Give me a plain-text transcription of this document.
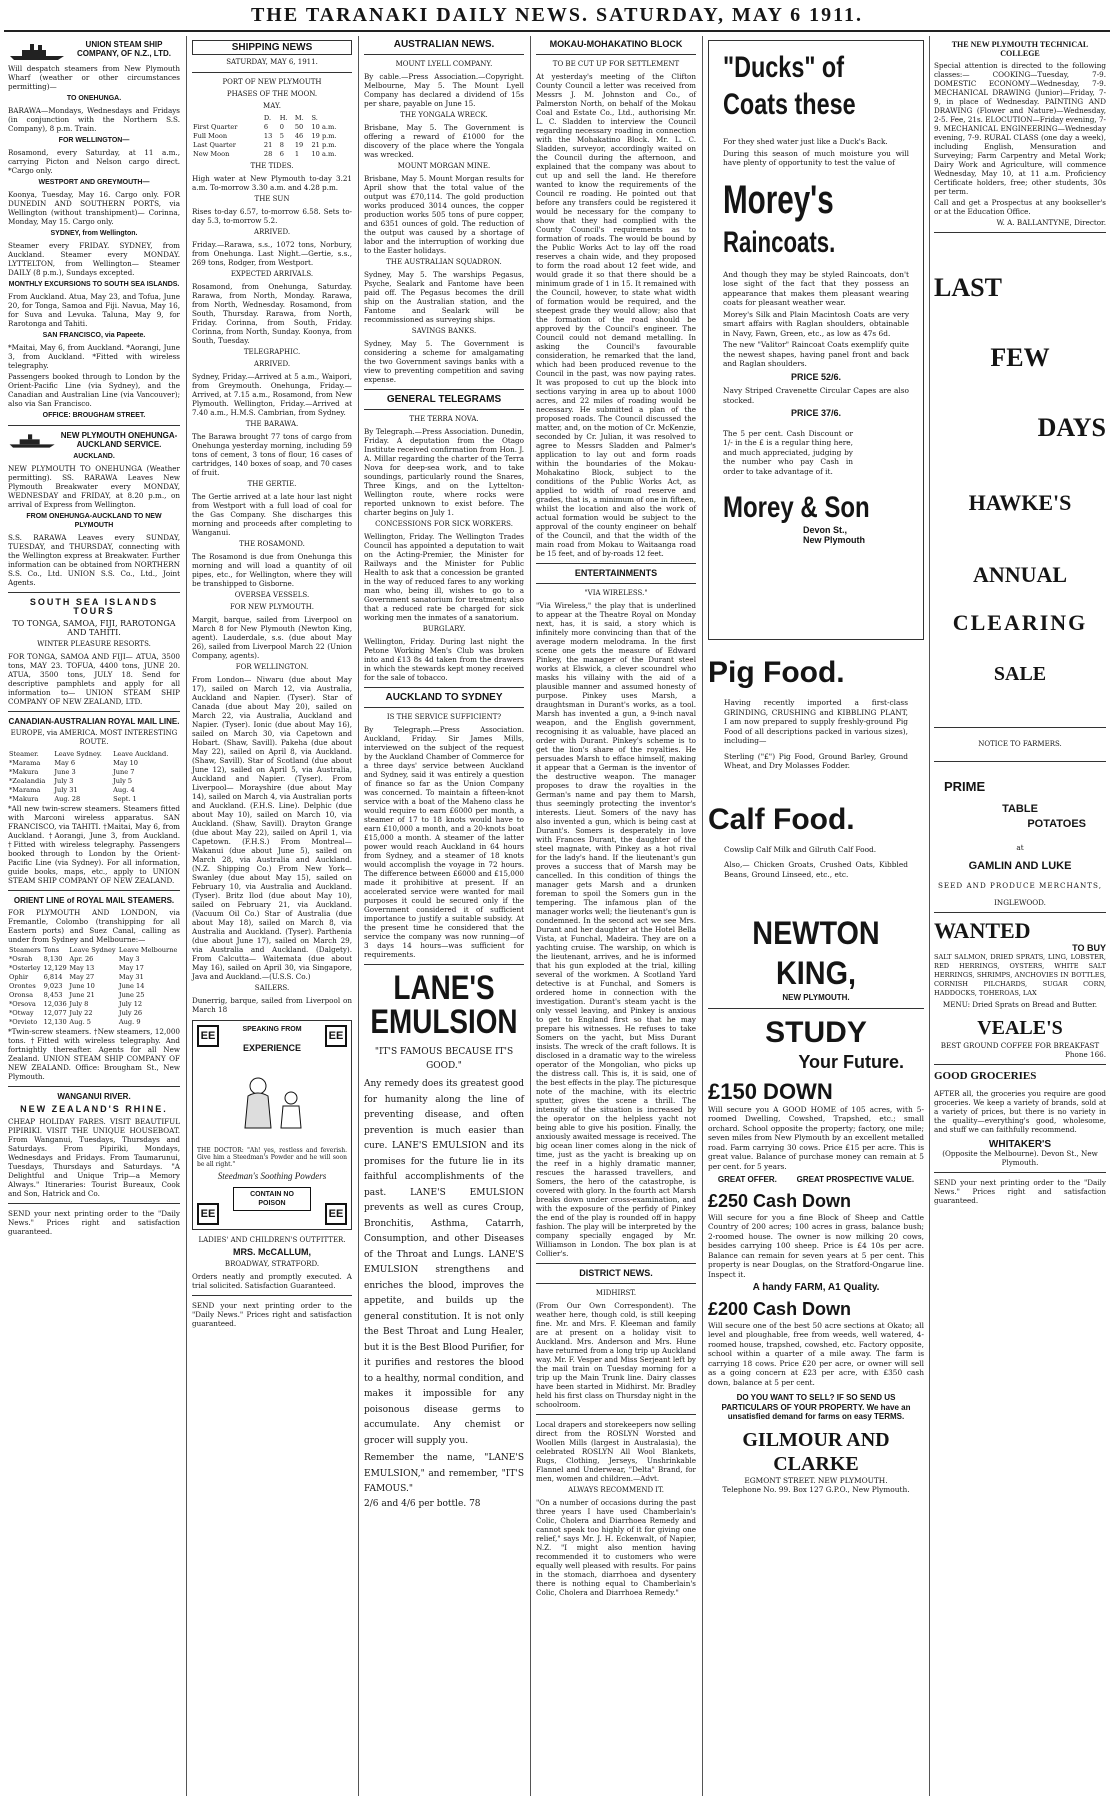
THE TARANAKI DAILY NEWS. SATURDAY, MAY 6 1911.
UNION STEAM SHIP COMPANY, OF N.Z., LTD.

Will despatch steamers from New Plymouth Wharf (weather or other circumstances permitting)—

TO ONEHUNGA.

BARAWA—Mondays, Wednesdays and Fridays (in conjunction with the Northern S.S. Company), 8 p.m. Train.

FOR WELLINGTON—

Rosamond, every Saturday, at 11 a.m., carrying Picton and Nelson cargo direct. *Cargo only.

WESTPORT AND GREYMOUTH—

Koonya, Tuesday, May 16. Cargo only. FOR DUNEDIN AND SOUTHERN PORTS, via Wellington (without transhipment)— Corinna, Monday, May 15. Cargo only.

SYDNEY, from Wellington.

Steamer every FRIDAY. SYDNEY, from Auckland. Steamer every MONDAY. LYTTELTON, from Wellington— Steamer DAILY (8 p.m.), Sundays excepted.

MONTHLY EXCURSIONS TO SOUTH SEA ISLANDS.

From Auckland. Atua, May 23, and Tofua, June 20, for Tonga, Samoa and Fiji. Navua, May 16, for Suva and Levuka. Taluna, May 9, for Rarotonga and Tahiti.

SAN FRANCISCO, via Papeete.

*Maitai, May 6, from Auckland. *Aorangi, June 3, from Auckland. *Fitted with wireless telegraphy.

Passengers booked through to London by the Orient-Pacific Line (via Sydney), and the Canadian and Australian Line (via Vancouver); also via San Francisco.

OFFICE: BROUGHAM STREET.
NEW PLYMOUTH ONEHUNGA-AUCKLAND SERVICE.
AUCKLAND.

NEW PLYMOUTH TO ONEHUNGA (Weather permitting). SS. RARAWA Leaves New Plymouth Breakwater every MONDAY, WEDNESDAY and FRIDAY, at 8.20 p.m., on arrival of Express from Wellington.

FROM ONEHUNGA-AUCKLAND TO NEW PLYMOUTH

S.S. RARAWA Leaves every SUNDAY, TUESDAY, and THURSDAY, connecting with the Wellington express at Breakwater. Further information can be obtained from NORTHERN S.S. Co., Ltd. UNION S.S. Co., Ltd., Joint Agents.

SOUTH SEA ISLANDS TOURS
TO TONGA, SAMOA, FIJI, RAROTONGA AND TAHITI.
WINTER PLEASURE RESORTS.

FOR TONGA, SAMOA AND FIJI— ATUA, 3500 tons, MAY 23. TOFUA, 4400 tons, JUNE 20. ATUA, 3500 tons, JULY 18. Send for descriptive pamphlets and apply for all information to— UNION STEAM SHIP COMPANY OF NEW ZEALAND, LTD.

CANADIAN-AUSTRALIAN ROYAL MAIL LINE.
EUROPE, via AMERICA. MOST INTERESTING ROUTE.
Steamer.	Leave Sydney.	Leave Auckland.
*Marama	May 6	May 10
*Makura	June 3	June 7
*Zealandia	July 3	July 5
*Marama	July 31	Aug. 4
*Makura	Aug. 28	Sept. 1

*All new twin-screw steamers. Steamers fitted with Marconi wireless apparatus. SAN FRANCISCO, via TAHITI. †Maitai, May 6, from Auckland. †Aorangi, June 3, from Auckland. †Fitted with wireless telegraphy. Passengers booked through to London by the Orient-Pacific Line (via Sydney). For all information, guide books, maps, etc., apply to UNION STEAM SHIP COMPANY OF NEW ZEALAND.

ORIENT LINE of ROYAL MAIL STEAMERS.

FOR PLYMOUTH AND LONDON, via Fremantle, Colombo (transhipping for all Eastern ports) and Suez Canal, calling as under from Sydney and Melbourne:—

Steamers	Tons	Leave Sydney	Leave Melbourne
*Osrah	8,130	Apr. 26	May 3
*Osterley	12,129	May 13	May 17
Ophir	6,814	May 27	May 31
Orontes	9,023	June 10	June 14
Oronsa	8,453	June 21	June 25
*Orsova	12,036	July 8	July 12
*Otway	12,077	July 22	July 26
*Orvieto	12,130	Aug. 5	Aug. 9

*Twin-screw steamers. †New steamers, 12,000 tons. †Fitted with wireless telegraphy. And fortnightly thereafter. Agents for all New Zealand. UNION STEAM SHIP COMPANY OF NEW ZEALAND. Office: Brougham St., New Plymouth.

WANGANUI RIVER.
NEW ZEALAND'S RHINE.

CHEAP HOLIDAY FARES. VISIT BEAUTIFUL PIPIRIKI. VISIT THE UNIQUE HOUSEBOAT. From Wanganui, Tuesdays, Thursdays and Saturdays. From Pipiriki, Mondays, Wednesdays and Fridays. From Taumarunui, Tuesdays, Thursdays and Saturdays. "A Delightful and Unique Trip—a Memory Always." Itineraries: Tourist Bureaux, Cook and Son, Hatrick and Co.

SEND your next printing order to the "Daily News." Prices right and satisfaction guaranteed.

SHIPPING NEWS
SATURDAY, MAY 6, 1911.
PORT OF NEW PLYMOUTH
PHASES OF THE MOON.
MAY.
	D.	H.	M.	S.
First Quarter	6	0	50	10 a.m.
Full Moon	13	5	46	19 p.m.
Last Quarter	21	8	19	21 p.m.
New Moon	28	6	1	10 a.m.
THE TIDES.

High water at New Plymouth to-day 3.21 a.m. To-morrow 3.30 a.m. and 4.28 p.m.

THE SUN

Rises to-day 6.57, to-morrow 6.58. Sets to-day 5.3, to-morrow 5.2.

ARRIVED.

Friday.—Rarawa, s.s., 1072 tons, Norbury, from Onehunga. Last Night.—Gertie, s.s., 269 tons, Rodger, from Westport.

EXPECTED ARRIVALS.

Rosamond, from Onehunga, Saturday. Rarawa, from North, Monday. Rarawa, from North, Wednesday. Rosamond, from South, Thursday. Rarawa, from North, Friday. Corinna, from South, Friday. Corinna, from North, Sunday. Koonya, from South, Tuesday.

TELEGRAPHIC.
ARRIVED.

Sydney, Friday.—Arrived at 5 a.m., Waipori, from Greymouth. Onehunga, Friday.—Arrived, at 7.15 a.m., Rosamond, from New Plymouth. Wellington, Friday.—Arrived at 7.40 a.m., H.M.S. Cambrian, from Sydney.

THE BARAWA.

The Barawa brought 77 tons of cargo from Onehunga yesterday morning, including 59 tons of cement, 3 tons of flour, 16 cases of cartridges, 140 boxes of soap, and 70 cases of fruit.

THE GERTIE.

The Gertie arrived at a late hour last night from Westport with a full load of coal for the Gas Company. She discharges this morning and proceeds after completing to Wanganui.

THE ROSAMOND.

The Rosamond is due from Onehunga this morning and will load a quantity of oil pipes, etc., for Wellington, where they will be transhipped to Gisborne.

OVERSEA VESSELS.
FOR NEW PLYMOUTH.

Margit, barque, sailed from Liverpool on March 8 for New Plymouth (Newton King, agent). Lauderdale, s.s. (due about May 26), sailed from Liverpool March 22 (Union Company, agents).

FOR WELLINGTON.

From London— Niwaru (due about May 17), sailed on March 12, via Australia, Auckland and Napier. (Tyser). Star of Canada (due about May 20), sailed on March 22, via Australia, Auckland and Napier. (Tyser). Ionic (due about May 16), sailed on March 30, via Capetown and Hobart. (Shaw, Savill). Pakeha (due about May 22), sailed on April 8, via Auckland. (Shaw, Savill). Star of Scotland (due about June 12), sailed on April 5, via Australia, Auckland and Napier. (Tyser). From Liverpool— Morayshire (due about May 14), sailed on March 4, via Australian ports and Auckland. (F.H.S. Line). Delphic (due about May 10), sailed on March 10, via Auckland. (Shaw, Savill). Drayton Grange (due about May 22), sailed on April 1, via Capetown. (F.H.S.) From Montreal— Wakanui (due about June 5), sailed on March 28, via Australia and Auckland. (N.Z. Shipping Co.) From New York— Swanley (due about May 15), sailed on February 10, via Australia and Auckland. (Tyser). Britz Ilod (due about May 10), sailed on February 21, via Auckland. (Vacuum Oil Co.) Star of Australia (due about May 18), sailed on March 8, via Australia and Auckland. (Tyser). Parthenia (due about June 17), sailed on March 29, via Australia and Auckland. (Dalgety). From Calcutta— Waitemata (due about May 16), sailed on April 30, via Singapore, Java and Auckland.—(U.S.S. Co.)

SAILERS.

Dunerrig, barque, sailed from Liverpool on March 18

EE	EE
SPEAKING FROM
EXPERIENCE

THE DOCTOR: "Ah! yes, restless and feverish. Give him a Steedman's Powder and he will soon be all right."

Steedman's Soothing Powders
CONTAIN NO POISON
EE	EE
LADIES' AND CHILDREN'S OUTFITTER.
MRS. McCALLUM,
BROADWAY, STRATFORD.

Orders neatly and promptly executed. A trial solicited. Satisfaction Guaranteed.

SEND your next printing order to the "Daily News." Prices right and satisfaction guaranteed.

AUSTRALIAN NEWS.
MOUNT LYELL COMPANY.

By cable.—Press Association.—Copyright. Melbourne, May 5. The Mount Lyell Company has declared a dividend of 15s per share, payable on June 15.

THE YONGALA WRECK.

Brisbane, May 5. The Government is offering a reward of £1000 for the discovery of the place where the Yongala was wrecked.

MOUNT MORGAN MINE.

Brisbane, May 5. Mount Morgan results for April show that the total value of the output was £70,114. The gold production works produced 3014 ounces, the copper production works 505 tons of pure copper, and 6351 ounces of gold. The reduction of the output was caused by a shortage of labor and the interruption of working due to the Easter holidays.

THE AUSTRALIAN SQUADRON.

Sydney, May 5. The warships Pegasus, Psyche, Sealark and Fantome have been paid off. The Pegasus becomes the drill ship on the Australian station, and the Fantome and Sealark will be recommissioned as surveying ships.

SAVINGS BANKS.

Sydney, May 5. The Government is considering a scheme for amalgamating the two Government savings banks with a view to preventing competition and saving expense.

GENERAL TELEGRAMS
THE TERRA NOVA.

By Telegraph.—Press Association. Dunedin, Friday. A deputation from the Otago Institute received confirmation from Hon. J. A. Millar regarding the charter of the Terra Nova for deep-sea work, and to take soundings, particularly round the Snares, Three Kings, and on the Lyttelton-Wellington route, where rocks were reported unknown to exist before. The charter begins on July 1.

CONCESSIONS FOR SICK WORKERS.

Wellington, Friday. The Wellington Trades Council has appointed a deputation to wait on the Acting-Premier, the Minister for Railways and the Minister for Public Health to ask that a concession be granted in the way of reduced fares to any working man who, being ill, wishes to go to a Government sanatorium for treatment; also that a reduced rate be charged for sick working men the inmates of a sanatorium.

BURGLARY.

Wellington, Friday. During last night the Petone Working Men's Club was broken into and £13 8s 4d taken from the drawers in which the stewards kept money received for the sale of tobacco.

AUCKLAND TO SYDNEY
IS THE SERVICE SUFFICIENT?

By Telegraph.—Press Association. Auckland, Friday. Sir James Mills, interviewed on the subject of the request by the Auckland Chamber of Commerce for a three days' service between Auckland and Sydney, said it was entirely a question of finance so far as the Union Company was concerned. To maintain a fifteen-knot service with a boat of the Maheno class he would require to earn £6000 per month, a steamer of 17 to 18 knots would have to earn £10,000 a month, and a 20-knots boat £15,000 a month. A steamer of the latter power would reach Auckland in 64 hours from Sydney, and a steamer of 18 knots would accomplish the voyage in 72 hours. The difference between £6000 and £15,000 made it prohibitive at present. If an accelerated service were wanted for mail purposes it could be secured only if the Government considered it of sufficient importance to justify a suitable subsidy. At the present time he considered that the service the company was now running—of 3 days 14 hours—was sufficient for requirements.

LANE'S EMULSION
"IT'S FAMOUS BECAUSE IT'S GOOD."

Any remedy does its greatest good for humanity along the line of preventing disease, and often prevention is much easier than cure. LANE'S EMULSION and its promises for the future lie in its faithful accomplishments of the past. LANE'S EMULSION prevents as well as cures Croup, Bronchitis, Asthma, Catarrh, Consumption, and other Diseases of the Throat and Lungs. LANE'S EMULSION strengthens and enriches the blood, improves the appetite, and builds up the general constitution. It is not only the Best Throat and Lung Healer, but it is the Best Blood Purifier, for it purifies and restores the blood to a healthy, normal condition, and makes it impossible for any poisonous disease germs to accumulate. Any chemist or grocer will supply you.

Remember the name, "LANE'S EMULSION," and remember, "IT'S FAMOUS."

2/6 and 4/6 per bottle. 78
MOKAU-MOHAKATINO BLOCK
TO BE CUT UP FOR SETTLEMENT

At yesterday's meeting of the Clifton County Council a letter was received from Messrs J. M. Johnston and Co., of Palmerston North, on behalf of the Mokau Coal and Estate Co., Ltd., authorising Mr. L. C. Sladden to interview the Council regarding necessary roading in connection with the Mohakatino Block. Mr. L. C. Sladden, surveyor, accordingly waited on the Council during the afternoon, and explained that the company was about to cut up and sell the land. He therefore wanted to know the requirements of the Council re roading. He pointed out that before any transfers could be registered it would be necessary for the company to show that they had complied with the County Council's requirements as to formation of roads. The would be bound by the Public Works Act to lay off the road reserves a chain wide, and they proposed to form the road about 12 feet wide, and would grade it so that there should be a minimum grade of 1 in 15. It remained with the Council, however, to state what width of formation would be required, and the steepest grade they would allow; also that the formation of the road should be approved by the Council's engineer. The Council could not demand metalling. In asking the Council's favourable consideration, he remarked that the land, which had been produced revenue to the Council in the past, was now paying rates. It was proposed to cut up the block into sections varying in area up to about 1000 acres, and 22 miles of roading would be necessary. He submitted a plan of the proposed roads. The Council discussed the matter, and, on the motion of Cr. McKenzie, seconded by Cr. Julian, it was resolved to agree to Messrs Sladden and Palmer's application to lay out and form roads within the boundaries of the Mokau-Mohakatino Block, subject to the conditions of the Public Works Act, as applied to width of road reserve and grades, that is, a minimum of one in fifteen, whilst the location and also the work of actual formation would be subject to the approval of the county engineer on behalf of the Council, and that the width of the main road from Mokau to Waitaanga road be 15 feet, and of by-roads 12 feet.

ENTERTAINMENTS
"VIA WIRELESS."

"Via Wireless," the play that is underlined to appear at the Theatre Royal on Monday next, has, it is said, a story which is infinitely more convincing than that of the average modern melodrama. In the first scene one gets the measure of Edward Pinkey, the manager of the Durant steel works at Elswick, a clever scoundrel who masks his villainy with the aid of a plausible manner and assumed honesty of purpose. Pinkey uses Marsh, a draughtsman in Durant's works, as a tool. Marsh has invented a gun, a 9-inch naval weapon, and the English government, recognising it as valuable, have placed an order with Durant. Pinkey's scheme is to get the lion's share of the royalties. He persuades Marsh to efface himself, making it appear that a German is the inventor of the destructive weapon. The manager proposes to draw the royalties in the German's name and pay them to Marsh, thus seemingly protecting the inventor's interests. Lieut. Somers of the navy has also invented a gun, which is being cast at Durant's. Somers is desperately in love with Frances Durant, the daughter of the steel magnate, with Pinkey as a hot rival for the lady's hand. If the lieutenant's gun proves a success that of Marsh may be cancelled. In this condition of things the manager gets Marsh and a drunken foreman to spoil the Somers gun in the tempering. The infamous plan of the manager works well; the lieutenant's gun is condemned. In the second act we see Mrs. Durant and her daughter at the Hotel Bella Vista, at Funchal, Madeira. They are on a yachting cruise. The warship, on which is the lieutenant, arrives, and he is informed that his gun exploded at the trial, killing several of the workmen. A Scotland Yard detective is at Funchal, and Somers is ordered home in connection with the investigation. Durant's steam yacht is the only vessel leaving, and Pinkey is anxious to get to England first so that he may prepare his witnesses. He refuses to take Somers on the yacht, but Miss Durant insists. The wreck of the craft follows. It is disclosed in a dramatic way to the wireless operator of the Mongolian, who picks up the distress call. This is, it is said, one of the best effects in the play. The picturesque note of the machine, with its electric sputter, gives the scene a thrill. The intensity of the situation is increased by the operator on the helpless yacht not being able to give his position. Finally, the anxiously awaited message is received. The big ocean liner comes along in the nick of time, just as the yacht is breaking up on the reef in a highly dramatic manner, rescues the harassed travellers, and Somers, the hero of the catastrophe, is covered with glory. In the fourth act Marsh breaks down under cross-examination, and with the exposure of the perfidy of Pinkey the end of the play is rounded off in happy fashion. The play will be interpreted by the company specially engaged by Mr. Williamson in London. The box plan is at Collier's.

DISTRICT NEWS.
MIDHIRST.

(From Our Own Correspondent). The weather here, though cold, is still keeping fine. Mr. and Mrs. F. Kleeman and family are at present on a holiday visit to Auckland. Mrs. Anderson and Mrs. Hune have returned from a long trip up Auckland way. Mr. F. Vesper and Miss Serjeant left by the mail train on Tuesday morning for a trip up the Main Trunk line. Dairy classes have been started in Midhirst. Mr. Bradley held his first class on Thursday night in the schoolroom.

Local drapers and storekeepers now selling direct from the ROSLYN Worsted and Woollen Mills (largest in Australasia), the celebrated ROSLYN All Wool Blankets, Rugs, Clothing, Jerseys, Unshrinkable Flannel and Underwear, "Delta" Brand, for men, women and children.—Advt.

ALWAYS RECOMMEND IT.

"On a number of occasions during the past three years I have used Chamberlain's Colic, Cholera and Diarrhoea Remedy and cannot speak too highly of it for giving one relief," says Mr. J. H. Eckenwalt, of Napier, N.Z. "I might also mention having recommended it to customers who were equally well pleased with results. For pains in the stomach, diarrhoea and dysentery there is nothing equal to Chamberlain's Colic, Cholera and Diarrhoea Remedy."

"Ducks" of
Coats these

For they shed water just like a Duck's Back.

During this season of much moisture you will have plenty of opportunity to test the value of

Morey's
Raincoats.

And though they may be styled Raincoats, don't lose sight of the fact that they possess an appearance that makes them pleasant wearing coats for pleasant weather wear.

Morey's Silk and Plain Macintosh Coats are very smart affairs with Raglan shoulders, obtainable in Navy, Fawn, Green, etc., as low as 47s 6d.

The new "Valitor" Raincoat Coats exemplify quite the newest shapes, having panel front and back and Raglan shoulders.

PRICE 52/6.

Navy Striped Cravenette Circular Capes are also stocked.

PRICE 37/6.

The 5 per cent. Cash Discount or 1/- in the £ is a regular thing here, and much appreciated, judging by the number who pay Cash in order to take advantage of it.

Morey & Son
Devon St.,
New Plymouth
Pig Food.

Having recently imported a first-class GRINDING, CRUSHING and KIBBLING PLANT, I am now prepared to supply freshly-ground Pig Food of all descriptions packed in various sizes), including—

Sterling ("£") Pig Food, Ground Barley, Ground Wheat, and Dry Molasses Fodder.

Calf Food.

Cowslip Calf Milk and Gilruth Calf Food.

Also,— Chicken Groats, Crushed Oats, Kibbled Beans, Ground Linseed, etc., etc.

NEWTON KING,
NEW PLYMOUTH.
STUDY
Your Future.
£150 DOWN

Will secure you A GOOD HOME of 105 acres, with 5-roomed Dwelling, Cowshed, Trapshed, etc.; small orchard. School opposite the property; factory, one mile; seven miles from New Plymouth by an excellent metalled road. Farm carrying 30 cows. Price £15 per acre. This is great value. Balance of purchase money can remain at 5 per cent. for 5 years.

GREAT OFFER. GREAT PROSPECTIVE VALUE.
£250 Cash Down

Will secure for you a fine Block of Sheep and Cattle Country of 200 acres; 100 acres in grass, balance bush; 2-roomed house. The owner is now milking 20 cows, besides carrying 100 sheep. Price is £4 10s per acre. Balance can remain for seven years at 5 per cent. This property is near Douglas, on the Stratford-Ongarue line. Inspect it.

A handy FARM, A1 Quality.
£200 Cash Down

Will secure one of the best 50 acre sections at Okato; all level and ploughable, free from weeds, well watered, 4-roomed house, trapshed, cowshed, etc. Factory opposite, school within a quarter of a mile away. The farm is carrying 18 cows. Price £20 per acre, or owner will sell as a going concern at £23 per acre, with £350 cash down, balance at 5 per cent.

DO YOU WANT TO SELL? IF SO SEND US PARTICULARS OF YOUR PROPERTY. We have an unsatisfied demand for farms on easy TERMS.
GILMOUR AND CLARKE
EGMONT STREET. NEW PLYMOUTH.
Telephone No. 99. Box 127 G.P.O., New Plymouth.
THE NEW PLYMOUTH TECHNICAL COLLEGE

Special attention is directed to the following classes:— COOKING—Tuesday, 7-9. DOMESTIC ECONOMY—Wednesday, 7-9. MECHANICAL DRAWING (Junior)—Friday, 7-9, in place of Wednesday. PAINTING AND DRAWING (Flower and Nature)—Wednesday, 2-5. Fee, 21s. ELOCUTION—Friday evening, 7-9. MECHANICAL ENGINEERING—Wednesday evening, 7-9. RURAL CLASS (one day a week), including English, Mensuration and Surveying; Farm Carpentry and Metal Work; Dairy Work and Agriculture, will commence Wednesday, May 10, at 11 a.m. Proficiency Certificate holders, free; other students, 30s per term.

Call and get a Prospectus at any bookseller's or at the Education Office.

W. A. BALLANTYNE, Director.
LAST
FEW
DAYS
HAWKE'S
ANNUAL
CLEARING
SALE
NOTICE TO FARMERS.
PRIME
TABLE
POTATOES
at
GAMLIN AND LUKE
SEED AND PRODUCE MERCHANTS,
INGLEWOOD.
WANTED
TO BUY

SALT SALMON, DRIED SPRATS, LING, LOBSTER, RED HERRINGS, OYSTERS, WHITE SALT HERRINGS, SHRIMPS, ANCHOVIES IN BOTTLES, CORNISH PILCHARDS, SUGAR CORN, HADDOCKS, TOHEROAS, LAX

MENU: Dried Sprats on Bread and Butter.
VEALE'S
BEST GROUND COFFEE FOR BREAKFAST
Phone 166.
GOOD GROCERIES

AFTER all, the groceries you require are good groceries. We keep a variety of brands, sold at a variety of prices, but there is no variety in the quality—everything's good, wholesome, and stuff we can faithfully recommend.

WHITAKER'S
(Opposite the Melbourne). Devon St., New Plymouth.

SEND your next printing order to the "Daily News." Prices right and satisfaction guaranteed.
